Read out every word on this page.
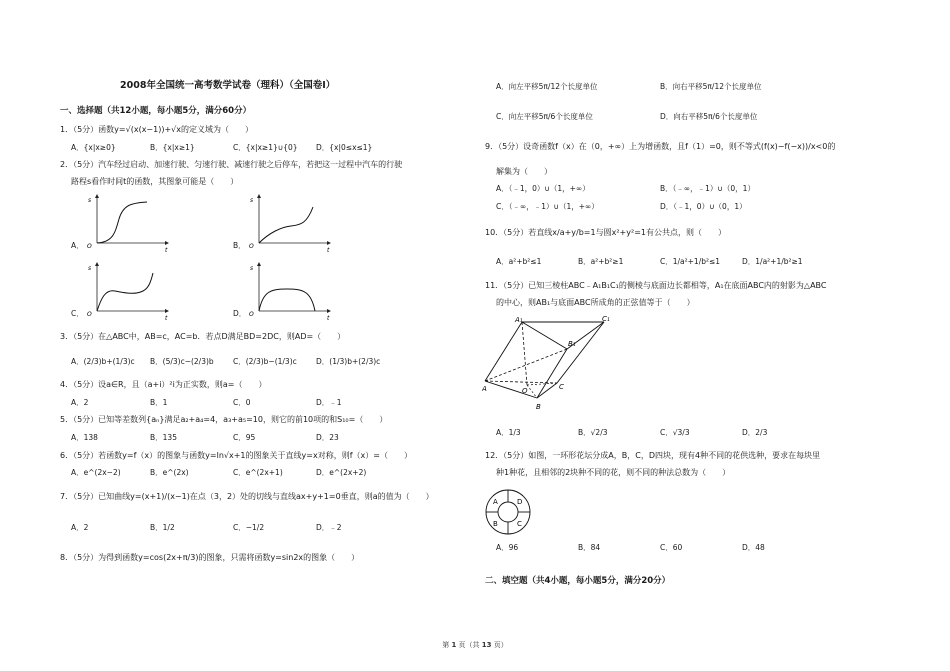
2008年全国统一高考数学试卷（理科）（全国卷Ⅰ）
一、选择题（共12小题，每小题5分，满分60分）
1．（5分）函数y=√(x(x−1))+√x的定义域为（　　）
A．{x|x≥0}	B．{x|x≥1}	C．{x|x≥1}∪{0} D．{x|0≤x≤1}
2．（5分）汽车经过启动、加速行驶、匀速行驶、减速行驶之后停车，若把这一过程中汽车的行驶
路程s看作时间t的函数，其图象可能是（　　）
A．
s
t
O	B．
s
t
O
C．
s
t
O	D．
s
t
O
3．（5分）在△ABC中，AB=c，AC=b．若点D满足BD=2DC，则AD=（　　）
A．(2/3)b+(1/3)c B．(5/3)c−(2/3)b	C．(2/3)b−(1/3)c	D．(1/3)b+(2/3)c
4．（5分）设a∈R，且（a+i）²i为正实数，则a=（　　）
A．2	B．1	C．0	D．﹣1
5．（5分）已知等差数列{aₙ}满足a₂+a₄=4，a₃+a₅=10，则它的前10项的和S₁₀=（　　）
A．138	B．135	C．95	D．23
6．（5分）若函数y=f（x）的图象与函数y=ln√x+1的图象关于直线y=x对称，则f（x）=（　　）
A．e^(2x−2)	B．e^(2x)	C．e^(2x+1)	D．e^(2x+2)
7．（5分）已知曲线y=(x+1)/(x−1)在点（3，2）处的切线与直线ax+y+1=0垂直，则a的值为（　　）
A．2	B．1/2	C．−1/2	D．﹣2
8．（5分）为得到函数y=cos(2x+π/3)的图象，只需将函数y=sin2x的图象（　　）
A．向左平移5π/12个长度单位	B．向右平移5π/12个长度单位
C．向左平移5π/6个长度单位	D．向右平移5π/6个长度单位
9．（5分）设奇函数f（x）在（0，+∞）上为增函数，且f（1）=0，则不等式(f(x)−f(−x))/x<0的
解集为（　　）
A．（﹣1，0）∪（1，+∞）	B．（﹣∞，﹣1）∪（0，1）
C．（﹣∞，﹣1）∪（1，+∞）	D．（﹣1，0）∪（0，1）
10．（5分）若直线x/a+y/b=1与圆x²+y²=1有公共点，则（　　）
A．a²+b²≤1	B．a²+b²≥1	C．1/a²+1/b²≤1	D．1/a²+1/b²≥1
11．（5分）已知三棱柱ABC﹣A₁B₁C₁的侧棱与底面边长都相等，A₁在底面ABC内的射影为△ABC
的中心，则AB₁与底面ABC所成角的正弦值等于（　　）
A₁	C₁
B₁
A	O	C
B
A．1/3	B．√2/3	C．√3/3	D．2/3
12．（5分）如图，一环形花坛分成A，B，C，D四块，现有4种不同的花供选种，要求在每块里
种1种花，且相邻的2块种不同的花，则不同的种法总数为（　　）
A	D
B	C
A．96	B．84	C．60	D．48
二、填空题（共4小题，每小题5分，满分20分）
第 1 页（共 13 页）
